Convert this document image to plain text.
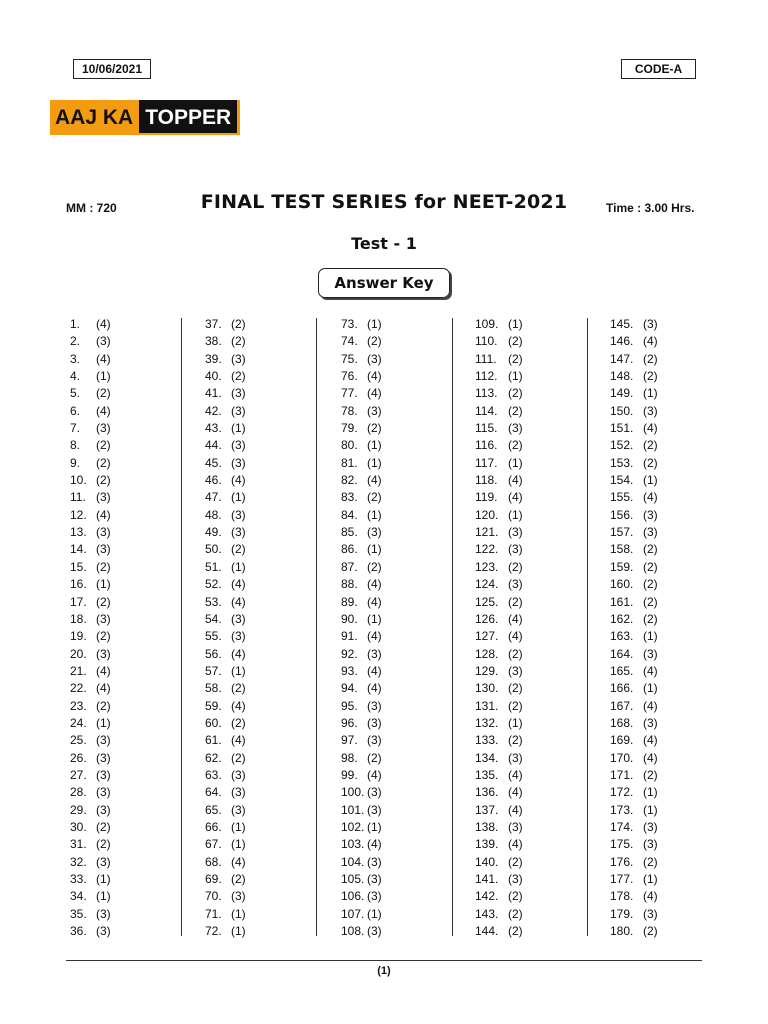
10/06/2021	CODE-A
AAJ KA TOPPER
MM : 720	FINAL TEST SERIES for NEET-2021	Time : 3.00 Hrs.
Test - 1
Answer Key
1.	(4)
2.	(3)
3.	(4)
4.	(1)
5.	(2)
6.	(4)
7.	(3)
8.	(2)
9.	(2)
10. (2)
11. (3)
12. (4)
13. (3)
14. (3)
15. (2)
16. (1)
17. (2)
18. (3)
19. (2)
20. (3)
21. (4)
22. (4)
23. (2)
24. (1)
25. (3)
26. (3)
27. (3)
28. (3)
29. (3)
30. (2)
31. (2)
32. (3)
33. (1)
34. (1)
35. (3)
36. (3)
37. (2)
38. (2)
39. (3)
40. (2)
41. (3)
42. (3)
43. (1)
44. (3)
45. (3)
46. (4)
47. (1)
48. (3)
49. (3)
50. (2)
51. (1)
52. (4)
53. (4)
54. (3)
55. (3)
56. (4)
57. (1)
58. (2)
59. (4)
60. (2)
61. (4)
62. (2)
63. (3)
64. (3)
65. (3)
66. (1)
67. (1)
68. (4)
69. (2)
70. (3)
71. (1)
72. (1)
73. (1)
74. (2)
75. (3)
76. (4)
77. (4)
78. (3)
79. (2)
80. (1)
81. (1)
82. (4)
83. (2)
84. (1)
85. (3)
86. (1)
87. (2)
88. (4)
89. (4)
90. (1)
91. (4)
92. (3)
93. (4)
94. (4)
95. (3)
96. (3)
97. (3)
98. (2)
99. (4)
100. (3)
101. (3)
102. (1)
103. (4)
104. (3)
105. (3)
106. (3)
107. (1)
108. (3)
109. (1)
110. (2)
111. (2)
112. (1)
113. (2)
114. (2)
115. (3)
116. (2)
117. (1)
118. (4)
119. (4)
120. (1)
121. (3)
122. (3)
123. (2)
124. (3)
125. (2)
126. (4)
127. (4)
128. (2)
129. (3)
130. (2)
131. (2)
132. (1)
133. (2)
134. (3)
135. (4)
136. (4)
137. (4)
138. (3)
139. (4)
140. (2)
141. (3)
142. (2)
143. (2)
144. (2)
145. (3)
146. (4)
147. (2)
148. (2)
149. (1)
150. (3)
151. (4)
152. (2)
153. (2)
154. (1)
155. (4)
156. (3)
157. (3)
158. (2)
159. (2)
160. (2)
161. (2)
162. (2)
163. (1)
164. (3)
165. (4)
166. (1)
167. (4)
168. (3)
169. (4)
170. (4)
171. (2)
172. (1)
173. (1)
174. (3)
175. (3)
176. (2)
177. (1)
178. (4)
179. (3)
180. (2)
(1)
